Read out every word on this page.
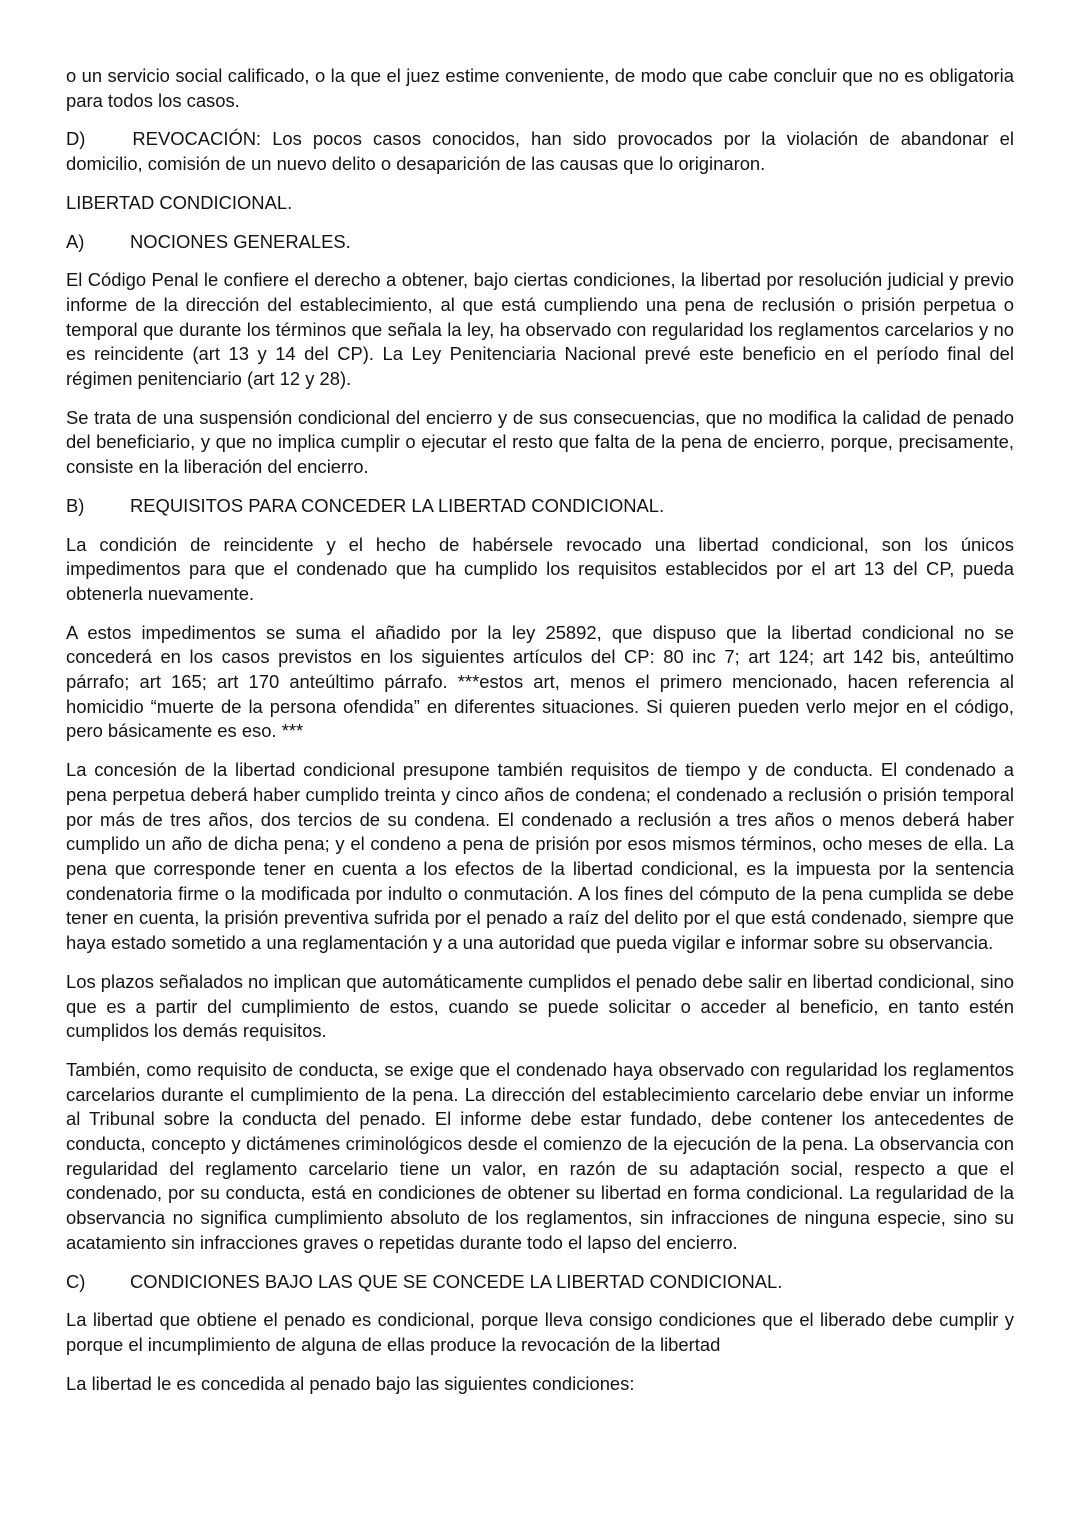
o un servicio social calificado, o la que el juez estime conveniente, de modo que cabe concluir que no es obligatoria para todos los casos.

D)	REVOCACIÓN: Los pocos casos conocidos, han sido provocados por la violación de abandonar el domicilio, comisión de un nuevo delito o desaparición de las causas que lo originaron.

LIBERTAD CONDICIONAL.

A) NOCIONES GENERALES.

El Código Penal le confiere el derecho a obtener, bajo ciertas condiciones, la libertad por resolución judicial y previo informe de la dirección del establecimiento, al que está cumpliendo una pena de reclusión o prisión perpetua o temporal que durante los términos que señala la ley, ha observado con regularidad los reglamentos carcelarios y no es reincidente (art 13 y 14 del CP). La Ley Penitenciaria Nacional prevé este beneficio en el período final del régimen penitenciario (art 12 y 28).

Se trata de una suspensión condicional del encierro y de sus consecuencias, que no modifica la calidad de penado del beneficiario, y que no implica cumplir o ejecutar el resto que falta de la pena de encierro, porque, precisamente, consiste en la liberación del encierro.

B) REQUISITOS PARA CONCEDER LA LIBERTAD CONDICIONAL.

La condición de reincidente y el hecho de habérsele revocado una libertad condicional, son los únicos impedimentos para que el condenado que ha cumplido los requisitos establecidos por el art 13 del CP, pueda obtenerla nuevamente.

A estos impedimentos se suma el añadido por la ley 25892, que dispuso que la libertad condicional no se concederá en los casos previstos en los siguientes artículos del CP: 80 inc 7; art 124; art 142 bis, anteúltimo párrafo; art 165; art 170 anteúltimo párrafo. ***estos art, menos el primero mencionado, hacen referencia al homicidio “muerte de la persona ofendida” en diferentes situaciones. Si quieren pueden verlo mejor en el código, pero básicamente es eso. ***

La concesión de la libertad condicional presupone también requisitos de tiempo y de conducta. El condenado a pena perpetua deberá haber cumplido treinta y cinco años de condena; el condenado a reclusión o prisión temporal por más de tres años, dos tercios de su condena. El condenado a reclusión a tres años o menos deberá haber cumplido un año de dicha pena; y el condeno a pena de prisión por esos mismos términos, ocho meses de ella. La pena que corresponde tener en cuenta a los efectos de la libertad condicional, es la impuesta por la sentencia condenatoria firme o la modificada por indulto o conmutación. A los fines del cómputo de la pena cumplida se debe tener en cuenta, la prisión preventiva sufrida por el penado a raíz del delito por el que está condenado, siempre que haya estado sometido a una reglamentación y a una autoridad que pueda vigilar e informar sobre su observancia.

Los plazos señalados no implican que automáticamente cumplidos el penado debe salir en libertad condicional, sino que es a partir del cumplimiento de estos, cuando se puede solicitar o acceder al beneficio, en tanto estén cumplidos los demás requisitos.

También, como requisito de conducta, se exige que el condenado haya observado con regularidad los reglamentos carcelarios durante el cumplimiento de la pena. La dirección del establecimiento carcelario debe enviar un informe al Tribunal sobre la conducta del penado. El informe debe estar fundado, debe contener los antecedentes de conducta, concepto y dictámenes criminológicos desde el comienzo de la ejecución de la pena. La observancia con regularidad del reglamento carcelario tiene un valor, en razón de su adaptación social, respecto a que el condenado, por su conducta, está en condiciones de obtener su libertad en forma condicional. La regularidad de la observancia no significa cumplimiento absoluto de los reglamentos, sin infracciones de ninguna especie, sino su acatamiento sin infracciones graves o repetidas durante todo el lapso del encierro.

C) CONDICIONES BAJO LAS QUE SE CONCEDE LA LIBERTAD CONDICIONAL.

La libertad que obtiene el penado es condicional, porque lleva consigo condiciones que el liberado debe cumplir y porque el incumplimiento de alguna de ellas produce la revocación de la libertad

La libertad le es concedida al penado bajo las siguientes condiciones:
